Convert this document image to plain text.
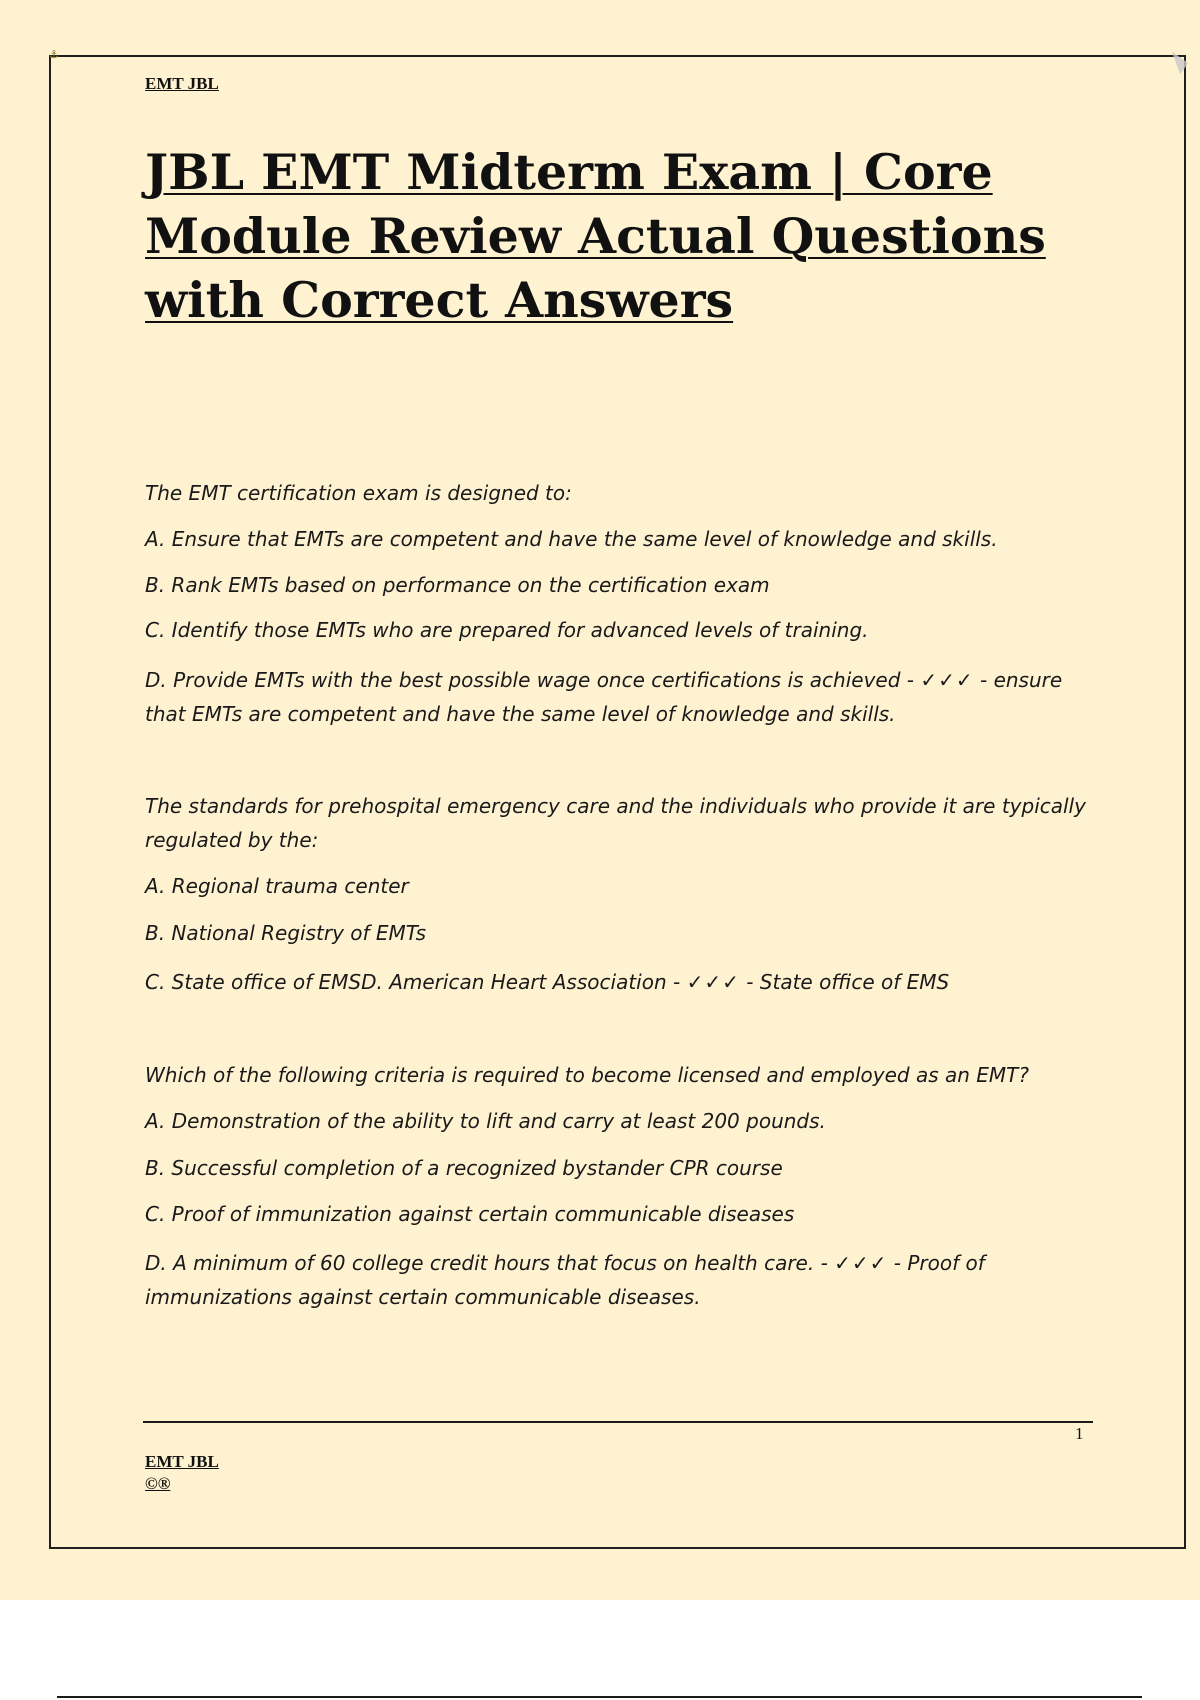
⚓
EMT JBL
JBL EMT Midterm Exam | Core Module Review Actual Questions with Correct Answers
The EMT certification exam is designed to:
A. Ensure that EMTs are competent and have the same level of knowledge and skills.
B. Rank EMTs based on performance on the certification exam
C. Identify those EMTs who are prepared for advanced levels of training.
D. Provide EMTs with the best possible wage once certifications is achieved - ✓✓✓ - ensure that EMTs are competent and have the same level of knowledge and skills.
The standards for prehospital emergency care and the individuals who provide it are typically regulated by the:
A. Regional trauma center
B. National Registry of EMTs
C. State office of EMSD. American Heart Association - ✓✓✓ - State office of EMS
Which of the following criteria is required to become licensed and employed as an EMT?
A. Demonstration of the ability to lift and carry at least 200 pounds.
B. Successful completion of a recognized bystander CPR course
C. Proof of immunization against certain communicable diseases
D. A minimum of 60 college credit hours that focus on health care. - ✓✓✓ - Proof of immunizations against certain communicable diseases.
1
EMT JBL
©®
